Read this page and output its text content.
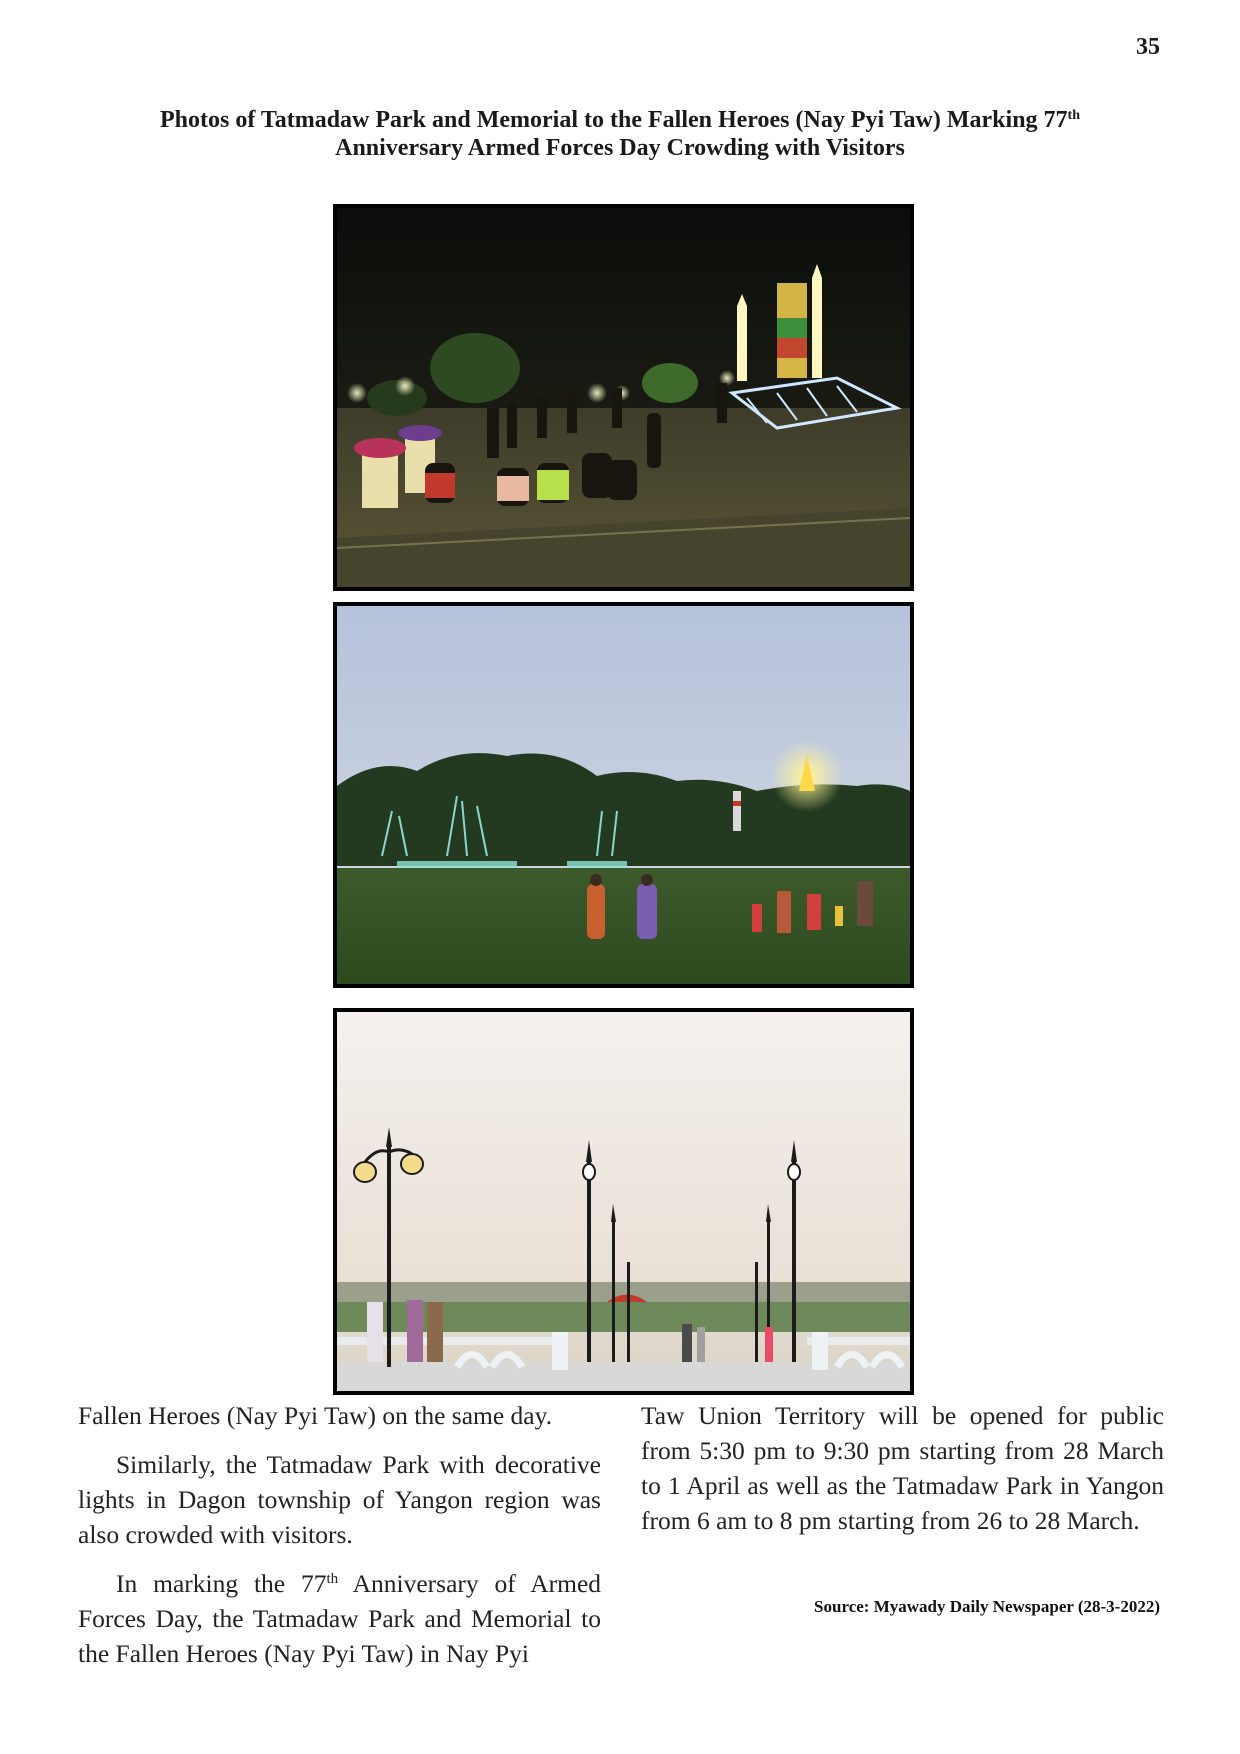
35
Photos of Tatmadaw Park and Memorial to the Fallen Heroes (Nay Pyi Taw) Marking 77th
Anniversary Armed Forces Day Crowding with Visitors

Fallen Heroes (Nay Pyi Taw) on the same day.

Similarly, the Tatmadaw Park with decorative lights in Dagon township of Yangon region was also crowded with visitors.

In marking the 77th Anniversary of Armed Forces Day, the Tatmadaw Park and Memorial to the Fallen Heroes (Nay Pyi Taw) in Nay Pyi

Taw Union Territory will be opened for public from 5:30 pm to 9:30 pm starting from 28 March to 1 April as well as the Tatmadaw Park in Yangon from 6 am to 8 pm starting from 26 to 28 March.

Source: Myawady Daily Newspaper (28-3-2022)
